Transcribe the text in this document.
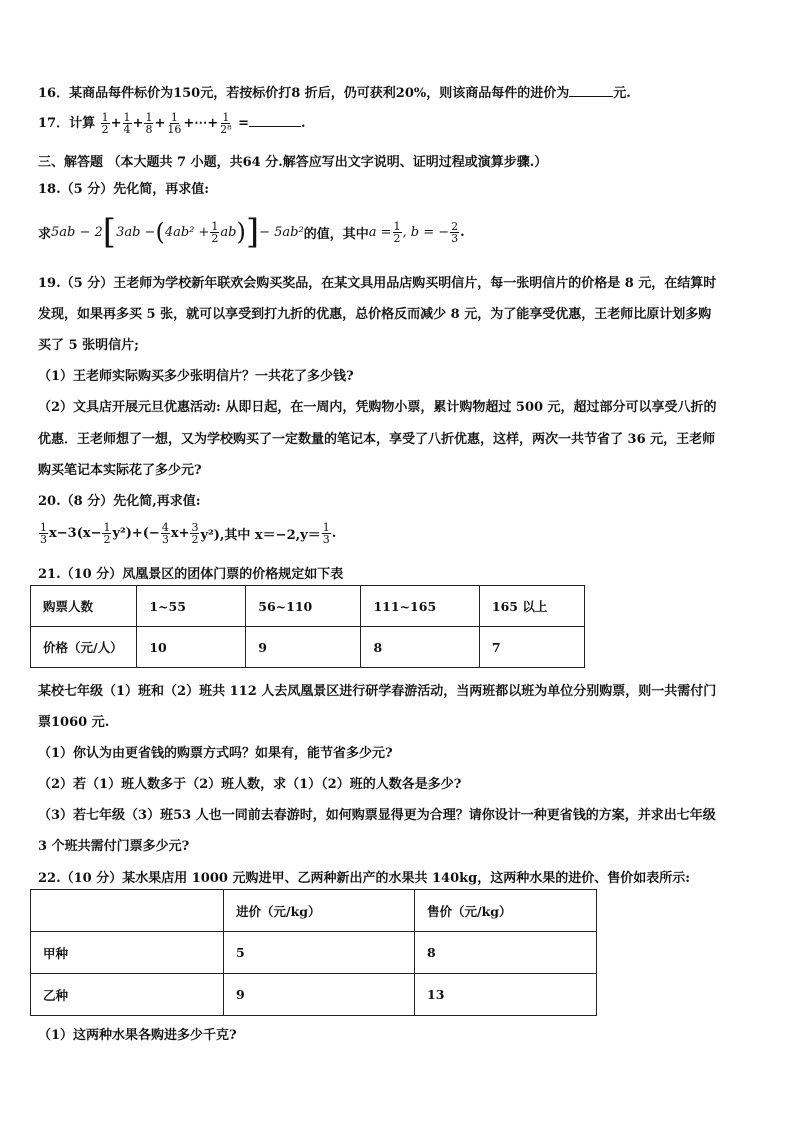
16．某商品每件标价为150元，若按标价打8 折后，仍可获利20%，则该商品每件的进价为	元.
17．计算 $\frac{1}{2} + \frac{1}{4} + \frac{1}{8} + \frac{1}{16}$ +⋯+ $\frac{1}{\text{2⁸}}$ =	.
三、解答题 （本大题共 7 小题，共64 分.解答应写出文字说明、证明过程或演算步骤.）
18.（5 分）先化简，再求值:
求 5ab − 2 [ 3ab − ( $4ab^2 + \frac{1}{2}$ ab ) ] − 5ab² 的值，其中 $a = \frac{1}{2}$ , b = − $\frac{2}{3}$ .
19.（5 分）王老师为学校新年联欢会购买奖品，在某文具用品店购买明信片，每一张明信片的价格是 8 元，在结算时
发现，如果再多买 5 张，就可以享受到打九折的优惠，总价格反而减少 8 元，为了能享受优惠，王老师比原计划多购
买了 5 张明信片;
（1）王老师实际购买多少张明信片？一共花了多少钱?
（2）文具店开展元旦优惠活动: 从即日起，在一周内，凭购物小票，累计购物超过 500 元，超过部分可以享受八折的
优惠．王老师想了一想，又为学校购买了一定数量的笔记本，享受了八折优惠，这样，两次一共节省了 36 元，王老师
购买笔记本实际花了多少元?
20.（8 分）先化简,再求值:
$\frac{1}{3} x-3(x- \frac{1}{2} y^2)+(- \frac{4}{3} x+ \frac{3}{2} y^2)$,其中 $x=-2,y= \frac{1}{3}$ .
21.（10 分）凤凰景区的团体门票的价格规定如下表
购票人数	1~55	56~110	111~165	165 以上
价格（元/人）	10	9	8	7
某校七年级（1）班和（2）班共 112 人去凤凰景区进行研学春游活动，当两班都以班为单位分别购票，则一共需付门
票1060 元.
（1）你认为由更省钱的购票方式吗？如果有，能节省多少元?
（2）若（1）班人数多于（2）班人数，求（1）（2）班的人数各是多少?
（3）若七年级（3）班53 人也一同前去春游时，如何购票显得更为合理？请你设计一种更省钱的方案，并求出七年级
3 个班共需付门票多少元?
22.（10 分）某水果店用 1000 元购进甲、乙两种新出产的水果共 140kg，这两种水果的进价、售价如表所示:
	进价（元/kg）	售价（元/kg）
甲种	5	8
乙种	9	13
（1）这两种水果各购进多少千克?
